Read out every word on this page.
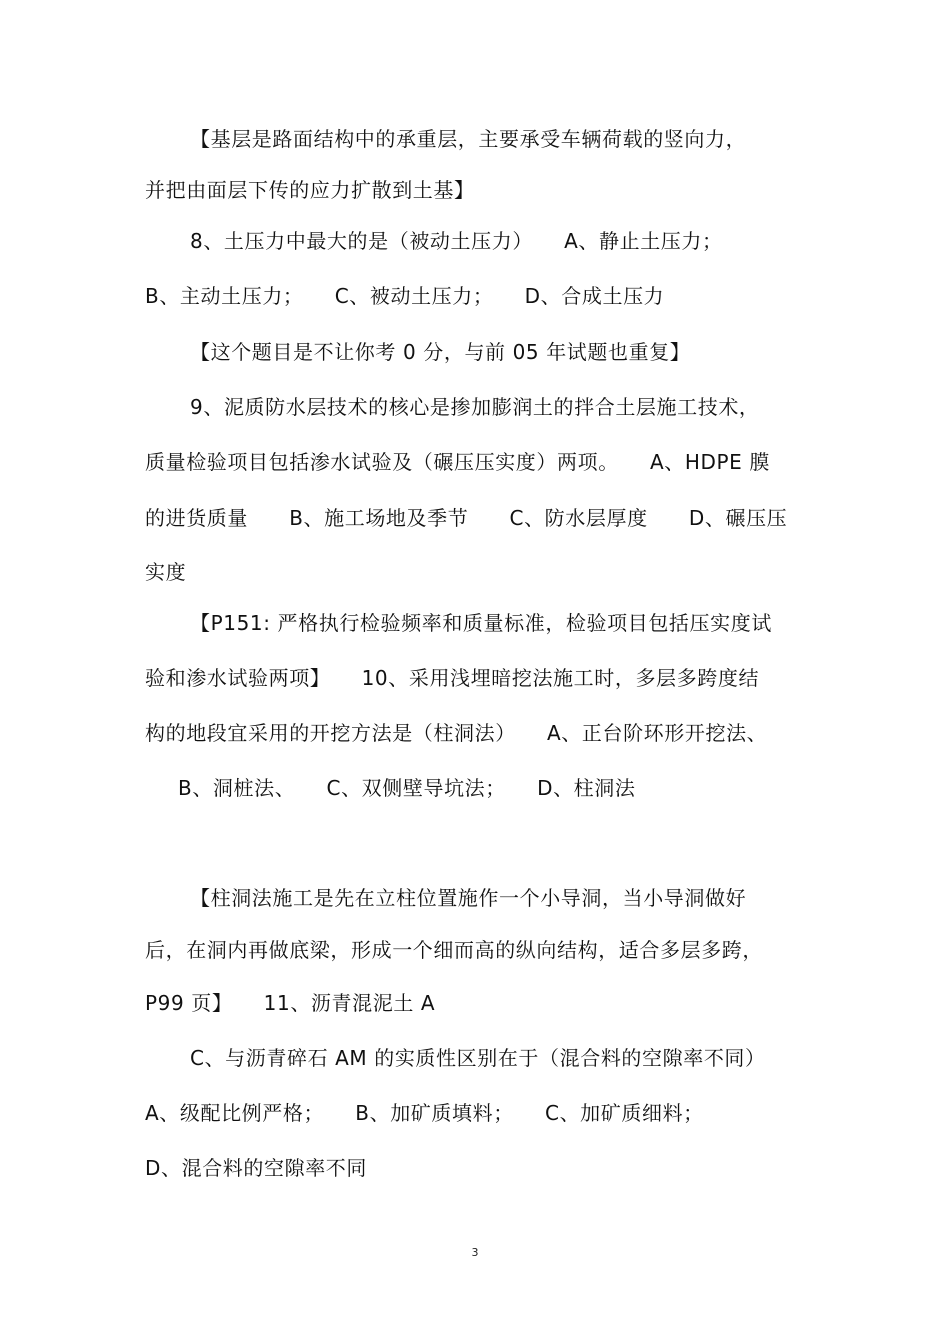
【基层是路面结构中的承重层，主要承受车辆荷载的竖向力，
并把由面层下传的应力扩散到土基】
8、土压力中最大的是（被动土压力）　　A、静止土压力；
B、主动土压力；　　C、被动土压力；　　D、合成土压力
【这个题目是不让你考 0 分，与前 05 年试题也重复】
9、泥质防水层技术的核心是掺加膨润土的拌合土层施工技术，
质量检验项目包括渗水试验及（碾压压实度）两项。　　A、HDPE 膜
的进货质量　　B、施工场地及季节　　C、防水层厚度　　D、碾压压
实度
【P151: 严格执行检验频率和质量标准，检验项目包括压实度试
验和渗水试验两项】　　10、采用浅埋暗挖法施工时，多层多跨度结
构的地段宜采用的开挖方法是（柱洞法）　　A、正台阶环形开挖法、
B、洞桩法、　　C、双侧壁导坑法；　　D、柱洞法
【柱洞法施工是先在立柱位置施作一个小导洞，当小导洞做好
后，在洞内再做底梁，形成一个细而高的纵向结构，适合多层多跨，
P99 页】　　11、沥青混泥土 A
C、与沥青碎石 AM 的实质性区别在于（混合料的空隙率不同）
A、级配比例严格；　　B、加矿质填料；　　C、加矿质细料；
D、混合料的空隙率不同
3
